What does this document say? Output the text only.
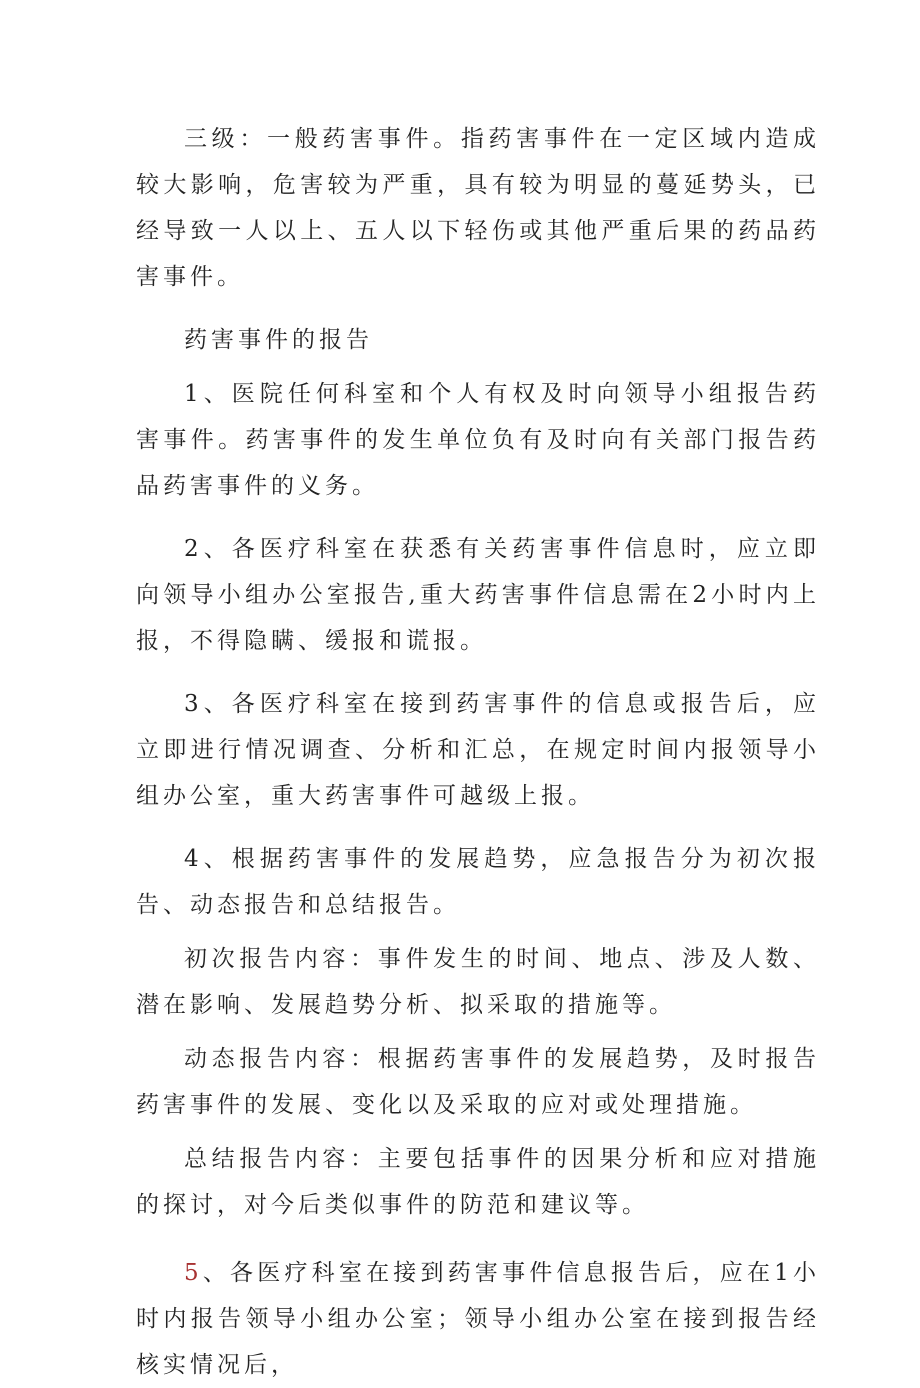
三级：一般药害事件。指药害事件在一定区域内造成较大影响，危害较为严重，具有较为明显的蔓延势头，已经导致一人以上、五人以下轻伤或其他严重后果的药品药害事件。

药害事件的报告

1、医院任何科室和个人有权及时向领导小组报告药害事件。药害事件的发生单位负有及时向有关部门报告药品药害事件的义务。

2、各医疗科室在获悉有关药害事件信息时，应立即向领导小组办公室报告,重大药害事件信息需在2小时内上报，不得隐瞒、缓报和谎报。

3、各医疗科室在接到药害事件的信息或报告后，应立即进行情况调查、分析和汇总，在规定时间内报领导小组办公室，重大药害事件可越级上报。

4、根据药害事件的发展趋势，应急报告分为初次报告、动态报告和总结报告。

初次报告内容：事件发生的时间、地点、涉及人数、潜在影响、发展趋势分析、拟采取的措施等。

动态报告内容：根据药害事件的发展趋势，及时报告药害事件的发展、变化以及采取的应对或处理措施。

总结报告内容：主要包括事件的因果分析和应对措施的探讨，对今后类似事件的防范和建议等。

5、各医疗科室在接到药害事件信息报告后，应在1小时内报告领导小组办公室；领导小组办公室在接到报告经核实情况后，
